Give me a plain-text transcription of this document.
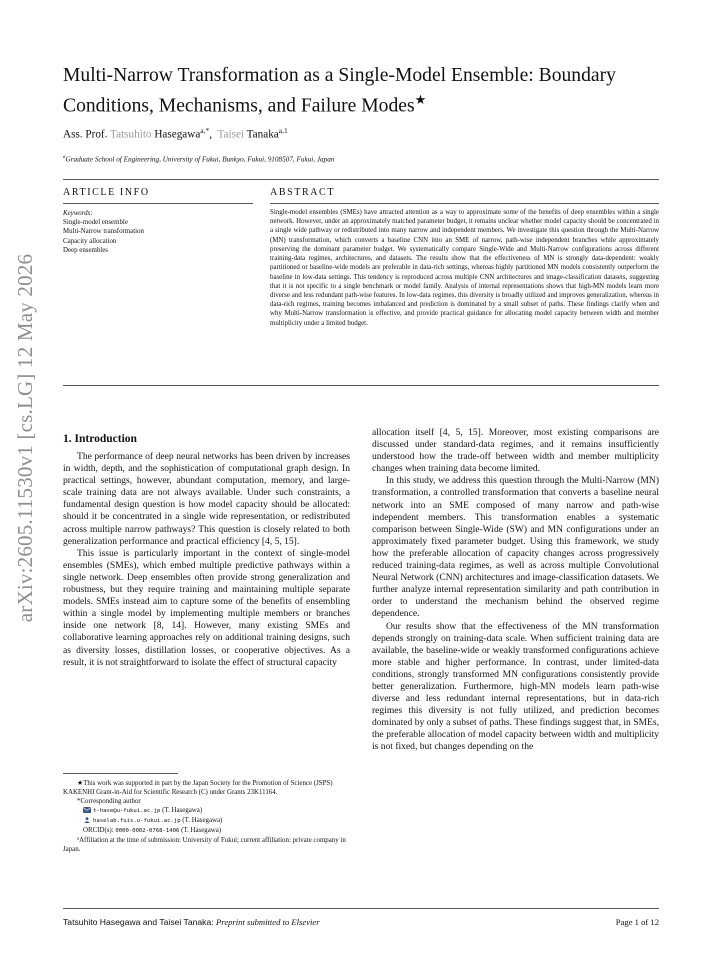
arXiv:2605.11530v1 [cs.LG] 12 May 2026
Multi-Narrow Transformation as a Single-Model Ensemble: Boundary
Conditions, Mechanisms, and Failure Modes★
Ass. Prof. Tatsuhito Hasegawa$^{a,*}$,  Taisei Tanaka$^{a,1}$
$^a$Graduate School of Engineering, University of Fukui, Bunkyo, Fukui, 9108507, Fukui, Japan
ARTICLE INFO	ABSTRACT
Keywords:
Single-model ensemble
Multi-Narrow transformation
Capacity allocation
Deep ensembles
Single-model ensembles (SMEs) have attracted attention as a way to approximate some of the benefits of deep ensembles within a single network. However, under an approximately matched parameter budget, it remains unclear whether model capacity should be concentrated in a single wide pathway or redistributed into many narrow and independent members. We investigate this question through the Multi-Narrow (MN) transformation, which converts a baseline CNN into an SME of narrow, path-wise independent branches while approximately preserving the dominant parameter budget. We systematically compare Single-Wide and Multi-Narrow configurations across different training-data regimes, architectures, and datasets. The results show that the effectiveness of MN is strongly data-dependent: weakly partitioned or baseline-wide models are preferable in data-rich settings, whereas highly partitioned MN models consistently outperform the baseline in low-data settings. This tendency is reproduced across multiple CNN architectures and image-classification datasets, suggesting that it is not specific to a single benchmark or model family. Analysis of internal representations shows that high-MN models learn more diverse and less redundant path-wise features. In low-data regimes, this diversity is broadly utilized and improves generalization, whereas in data-rich regimes, training becomes imbalanced and prediction is dominated by a small subset of paths. These findings clarify when and why Multi-Narrow transformation is effective, and provide practical guidance for allocating model capacity between width and member multiplicity under a limited budget.
1. Introduction

The performance of deep neural networks has been driven by increases in width, depth, and the sophistication of computational graph design. In practical settings, however, abundant computation, memory, and large-scale training data are not always available. Under such constraints, a fundamental design question is how model capacity should be allocated: should it be concentrated in a single wide representation, or redistributed across multiple narrow pathways? This question is closely related to both generalization performance and practical efficiency [4, 5, 15].

This issue is particularly important in the context of single-model ensembles (SMEs), which embed multiple predictive pathways within a single network. Deep ensembles often provide strong generalization and robustness, but they require training and maintaining multiple separate models. SMEs instead aim to capture some of the benefits of ensembling within a single model by implementing multiple members or branches inside one network [8, 14]. However, many existing SMEs and collaborative learning approaches rely on additional training designs, such as diversity losses, distillation losses, or cooperative objectives. As a result, it is not straightforward to isolate the effect of structural capacity

allocation itself [4, 5, 15]. Moreover, most existing comparisons are discussed under standard-data regimes, and it remains insufficiently understood how the trade-off between width and member multiplicity changes when training data become limited.

In this study, we address this question through the Multi-Narrow (MN) transformation, a controlled transformation that converts a baseline neural network into an SME composed of many narrow and path-wise independent members. This transformation enables a systematic comparison between Single-Wide (SW) and MN configurations under an approximately fixed parameter budget. Using this framework, we study how the preferable allocation of capacity changes across progressively reduced training-data regimes, as well as across multiple Convolutional Neural Network (CNN) architectures and image-classification datasets. We further analyze internal representation similarity and path contribution in order to understand the mechanism behind the observed regime dependence.

Our results show that the effectiveness of the MN transformation depends strongly on training-data scale. When sufficient training data are available, the baseline-wide or weakly transformed configurations achieve more stable and higher performance. In contrast, under limited-data conditions, strongly transformed MN configurations consistently provide better generalization. Furthermore, high-MN models learn path-wise diverse and less redundant internal representations, but in data-rich regimes this diversity is not fully utilized, and prediction becomes dominated by only a subset of paths. These findings suggest that, in SMEs, the preferable allocation of model capacity between width and multiplicity is not fixed, but changes depending on the

★This work was supported in part by the Japan Society for the Promotion of Science (JSPS) KAKENHI Grant-in-Aid for Scientific Research (C) under Grants 23K11164.
*Corresponding author
t-hase@u-fukui.ac.jp (T. Hasegawa)
haselab.fuis.u-fukui.ac.jp (T. Hasegawa)
ORCID(s): 0000-0002-0768-1406 (T. Hasegawa)
¹Affiliation at the time of submission: University of Fukui; current affiliation: private company in Japan.
Tatsuhito Hasegawa and Taisei Tanaka: Preprint submitted to Elsevier	Page 1 of 12
